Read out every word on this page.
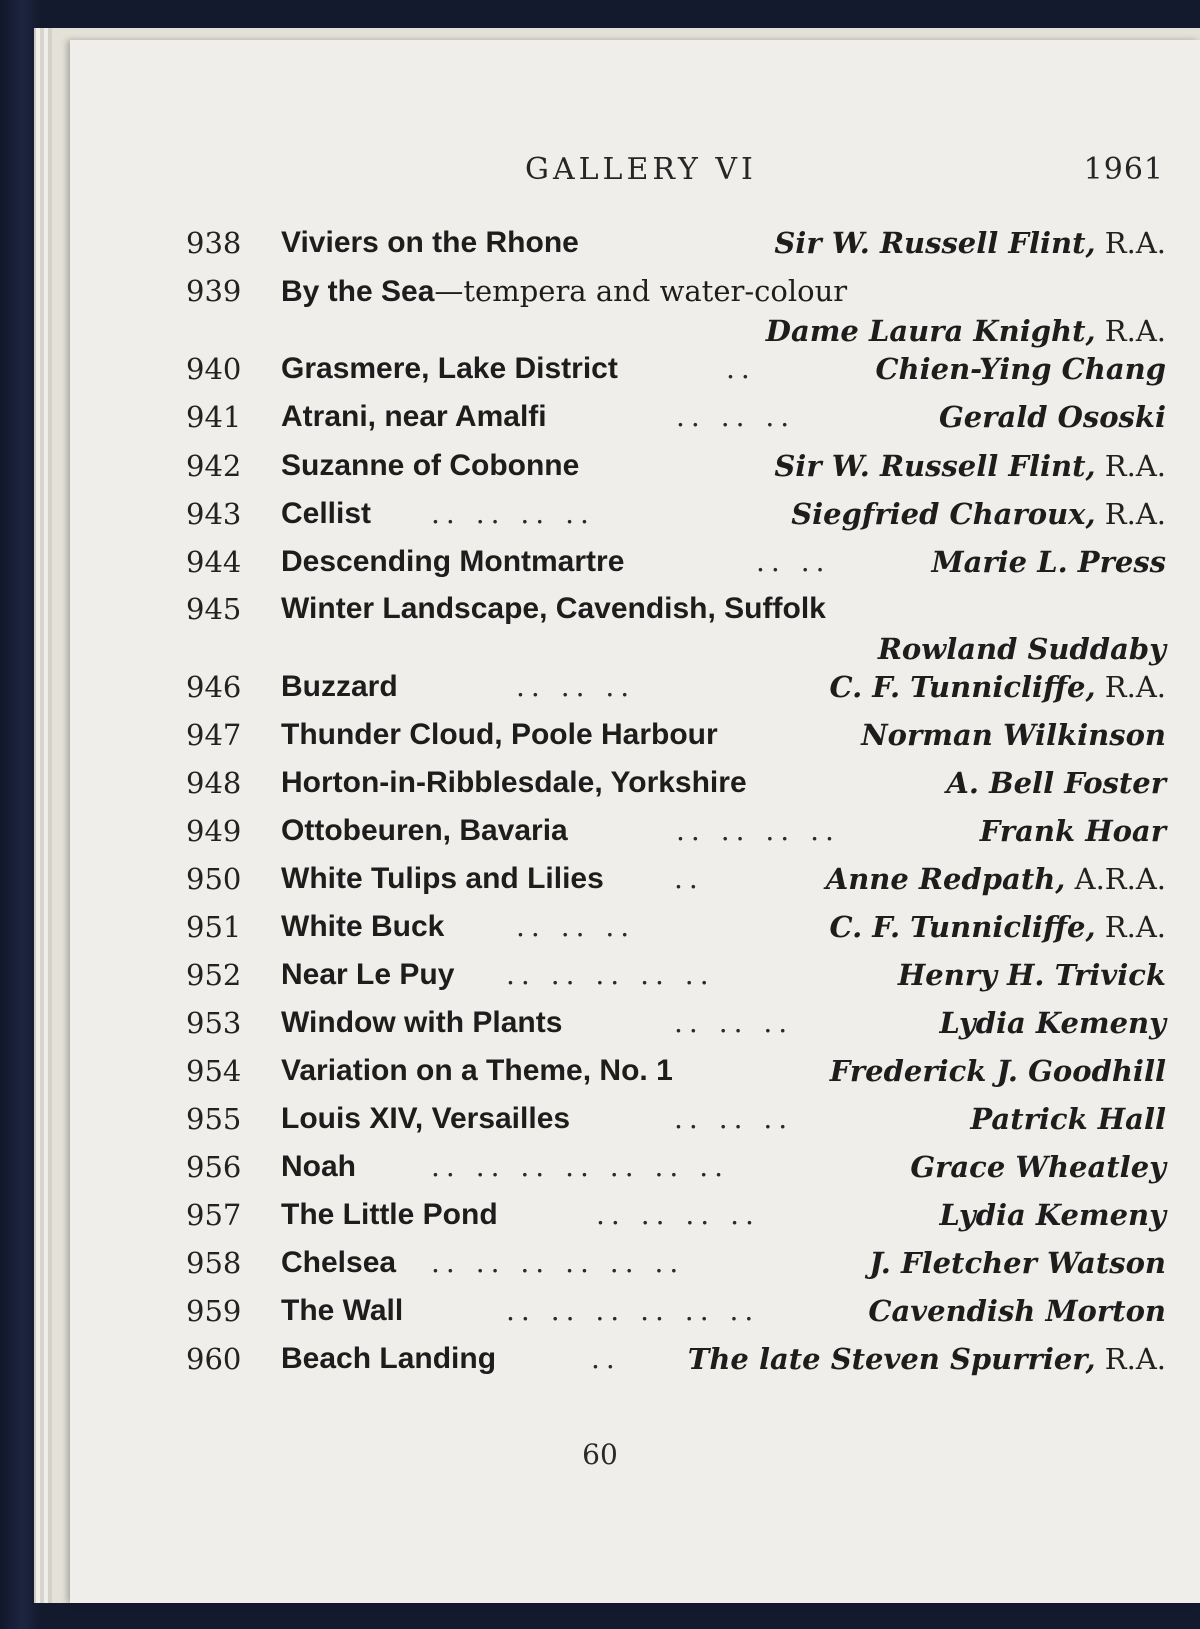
GALLERY VI	1961
938 Viviers on the Rhone	Sir W. Russell Flint, R.A.
939 By the Sea—tempera and water-colour
Dame Laura Knight, R.A.
940 Grasmere, Lake District	..	Chien-Ying Chang
941 Atrani, near Amalfi	.. .. ..	Gerald Ososki
942 Suzanne of Cobonne	Sir W. Russell Flint, R.A.
943 Cellist .. .. .. ..	Siegfried Charoux, R.A.
944 Descending Montmartre	.. ..	Marie L. Press
945 Winter Landscape, Cavendish, Suffolk
Rowland Suddaby
946 Buzzard	.. .. ..	C. F. Tunnicliffe, R.A.
947 Thunder Cloud, Poole Harbour	Norman Wilkinson
948 Horton-in-Ribblesdale, Yorkshire	A. Bell Foster
949 Ottobeuren, Bavaria	.. .. .. ..	Frank Hoar
950 White Tulips and Lilies	..	Anne Redpath, A.R.A.
951 White Buck	.. .. ..	C. F. Tunnicliffe, R.A.
952 Near Le Puy .. .. .. .. ..	Henry H. Trivick
953 Window with Plants	.. .. ..	Lydia Kemeny
954 Variation on a Theme, No. 1	Frederick J. Goodhill
955 Louis XIV, Versailles	.. .. ..	Patrick Hall
956 Noah	.. .. .. .. .. .. ..	Grace Wheatley
957 The Little Pond	.. .. .. ..	Lydia Kemeny
958 Chelsea .. .. .. .. .. ..	J. Fletcher Watson
959 The Wall	.. .. .. .. .. ..	Cavendish Morton
960 Beach Landing	.. The late Steven Spurrier, R.A.
60
